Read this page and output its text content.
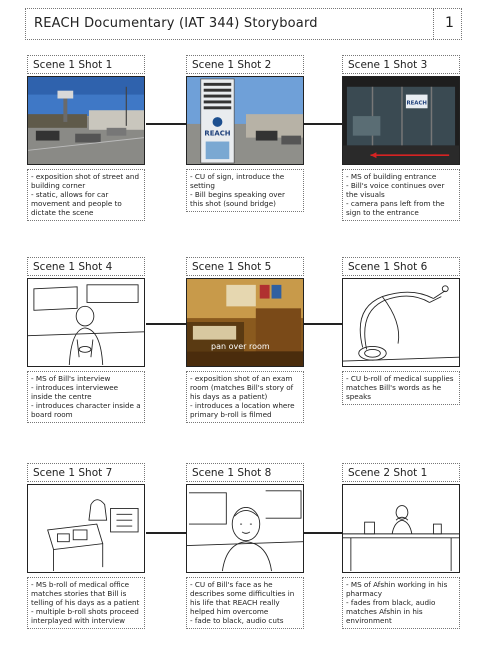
REACH Documentary (IAT 344) Storyboard	1
Scene 1 Shot 1
- exposition shot of street and building corner
- static, allows for car movement and people to dictate the scene
Scene 1 Shot 2
REACH
- CU of sign, introduce the setting
- Bill begins speaking over this shot (sound bridge)
Scene 1 Shot 3
REACH
- MS of building entrance
- Bill's voice continues over the visuals
- camera pans left from the sign to the entrance
Scene 1 Shot 4
- MS of Bill's interview
- introduces interviewee inside the centre
- introduces character inside a board room
Scene 1 Shot 5
pan over room
- exposition shot of an exam room (matches Bill's story of his days as a patient)
- introduces a location where primary b-roll is filmed
Scene 1 Shot 6
- CU b-roll of medical supplies matches Bill's words as he speaks
Scene 1 Shot 7
- MS b-roll of medical office matches stories that Bill is telling of his days as a patient
- multiple b-roll shots proceed interplayed with interview
Scene 1 Shot 8
- CU of Bill's face as he describes some difficulties in his life that REACH really helped him overcome
- fade to black, audio cuts
Scene 2 Shot 1
- MS of Afshin working in his pharmacy
- fades from black, audio matches Afshin in his environment
